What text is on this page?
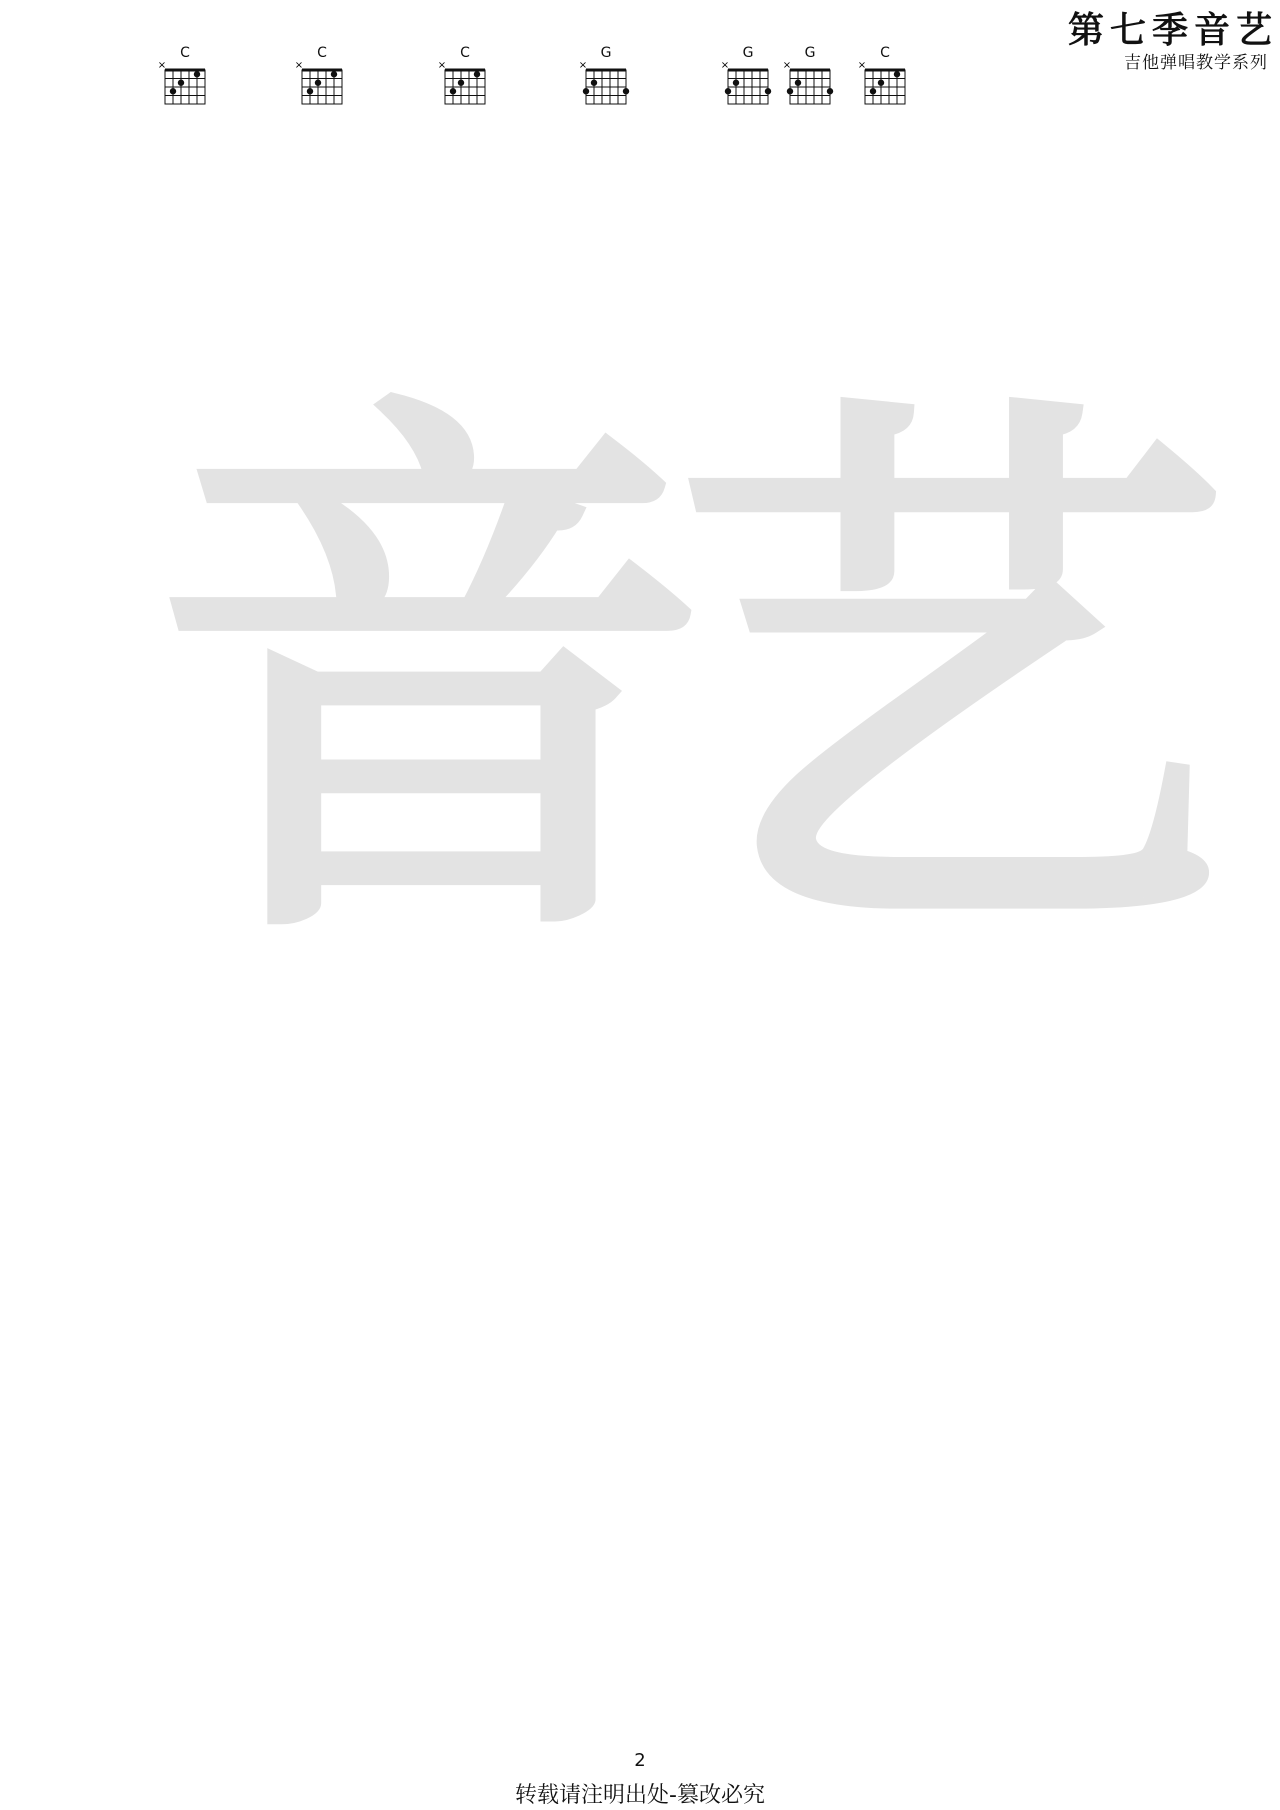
第七季音艺
吉他弹唱教学系列
音艺
C
×
C
×
C
×
G
×
G
×
G
×
C
×
2
转载请注明出处-篡改必究
